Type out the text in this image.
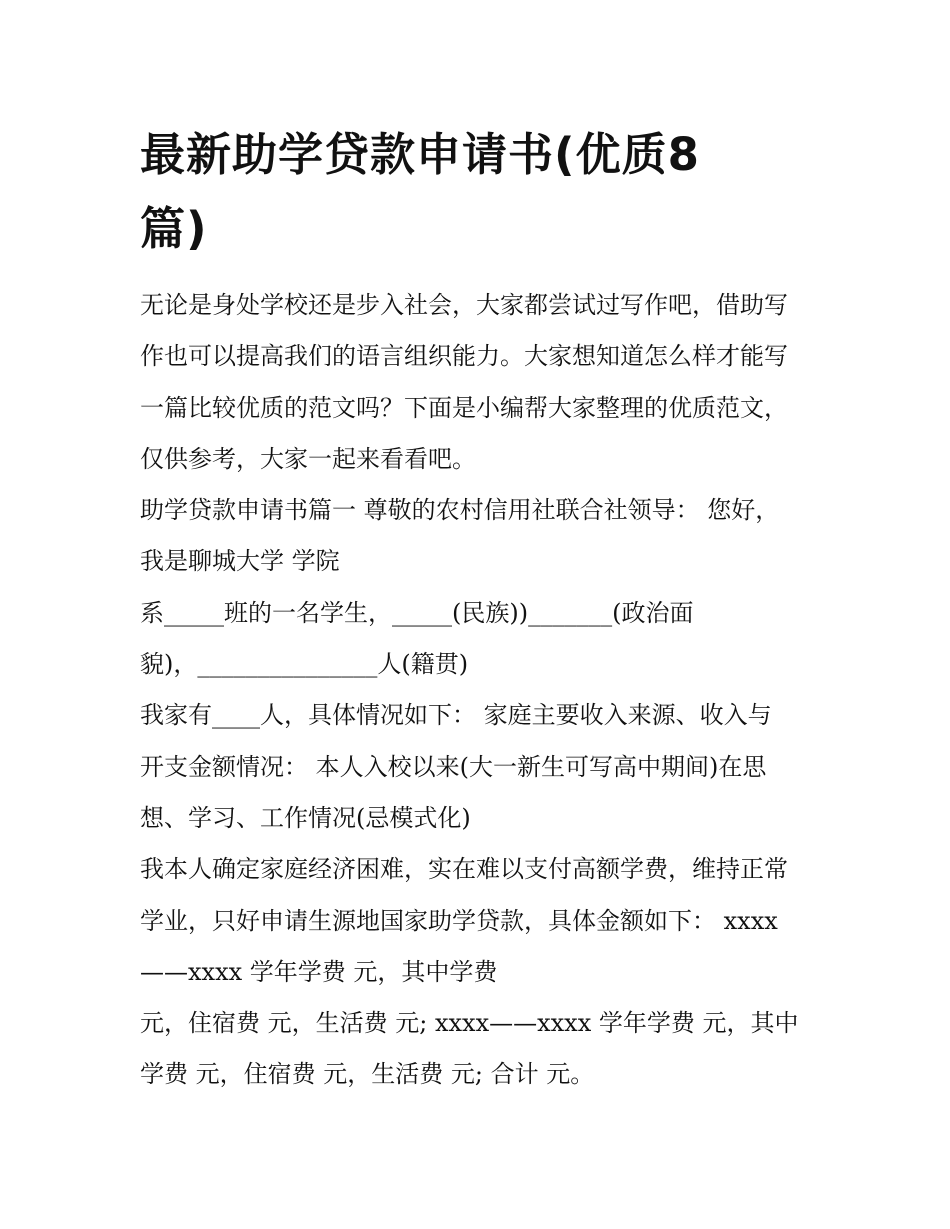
最新助学贷款申请书(优质8
篇)
无论是身处学校还是步入社会，大家都尝试过写作吧，借助写
作也可以提高我们的语言组织能力。大家想知道怎么样才能写
一篇比较优质的范文吗？下面是小编帮大家整理的优质范文，
仅供参考，大家一起来看看吧。
助学贷款申请书篇一 尊敬的农村信用社联合社领导： 您好，
我是聊城大学 学院
系_____班的一名学生，_____(民族))_______(政治面
貌)，_______________人(籍贯)
我家有____人，具体情况如下： 家庭主要收入来源、收入与
开支金额情况： 本人入校以来(大一新生可写高中期间)在思
想、学习、工作情况(忌模式化)
我本人确定家庭经济困难，实在难以支付高额学费，维持正常
学业，只好申请生源地国家助学贷款，具体金额如下： xxxx
——xxxx 学年学费 元，其中学费
元，住宿费 元，生活费 元; xxxx——xxxx 学年学费 元，其中
学费 元，住宿费 元，生活费 元; 合计 元。
